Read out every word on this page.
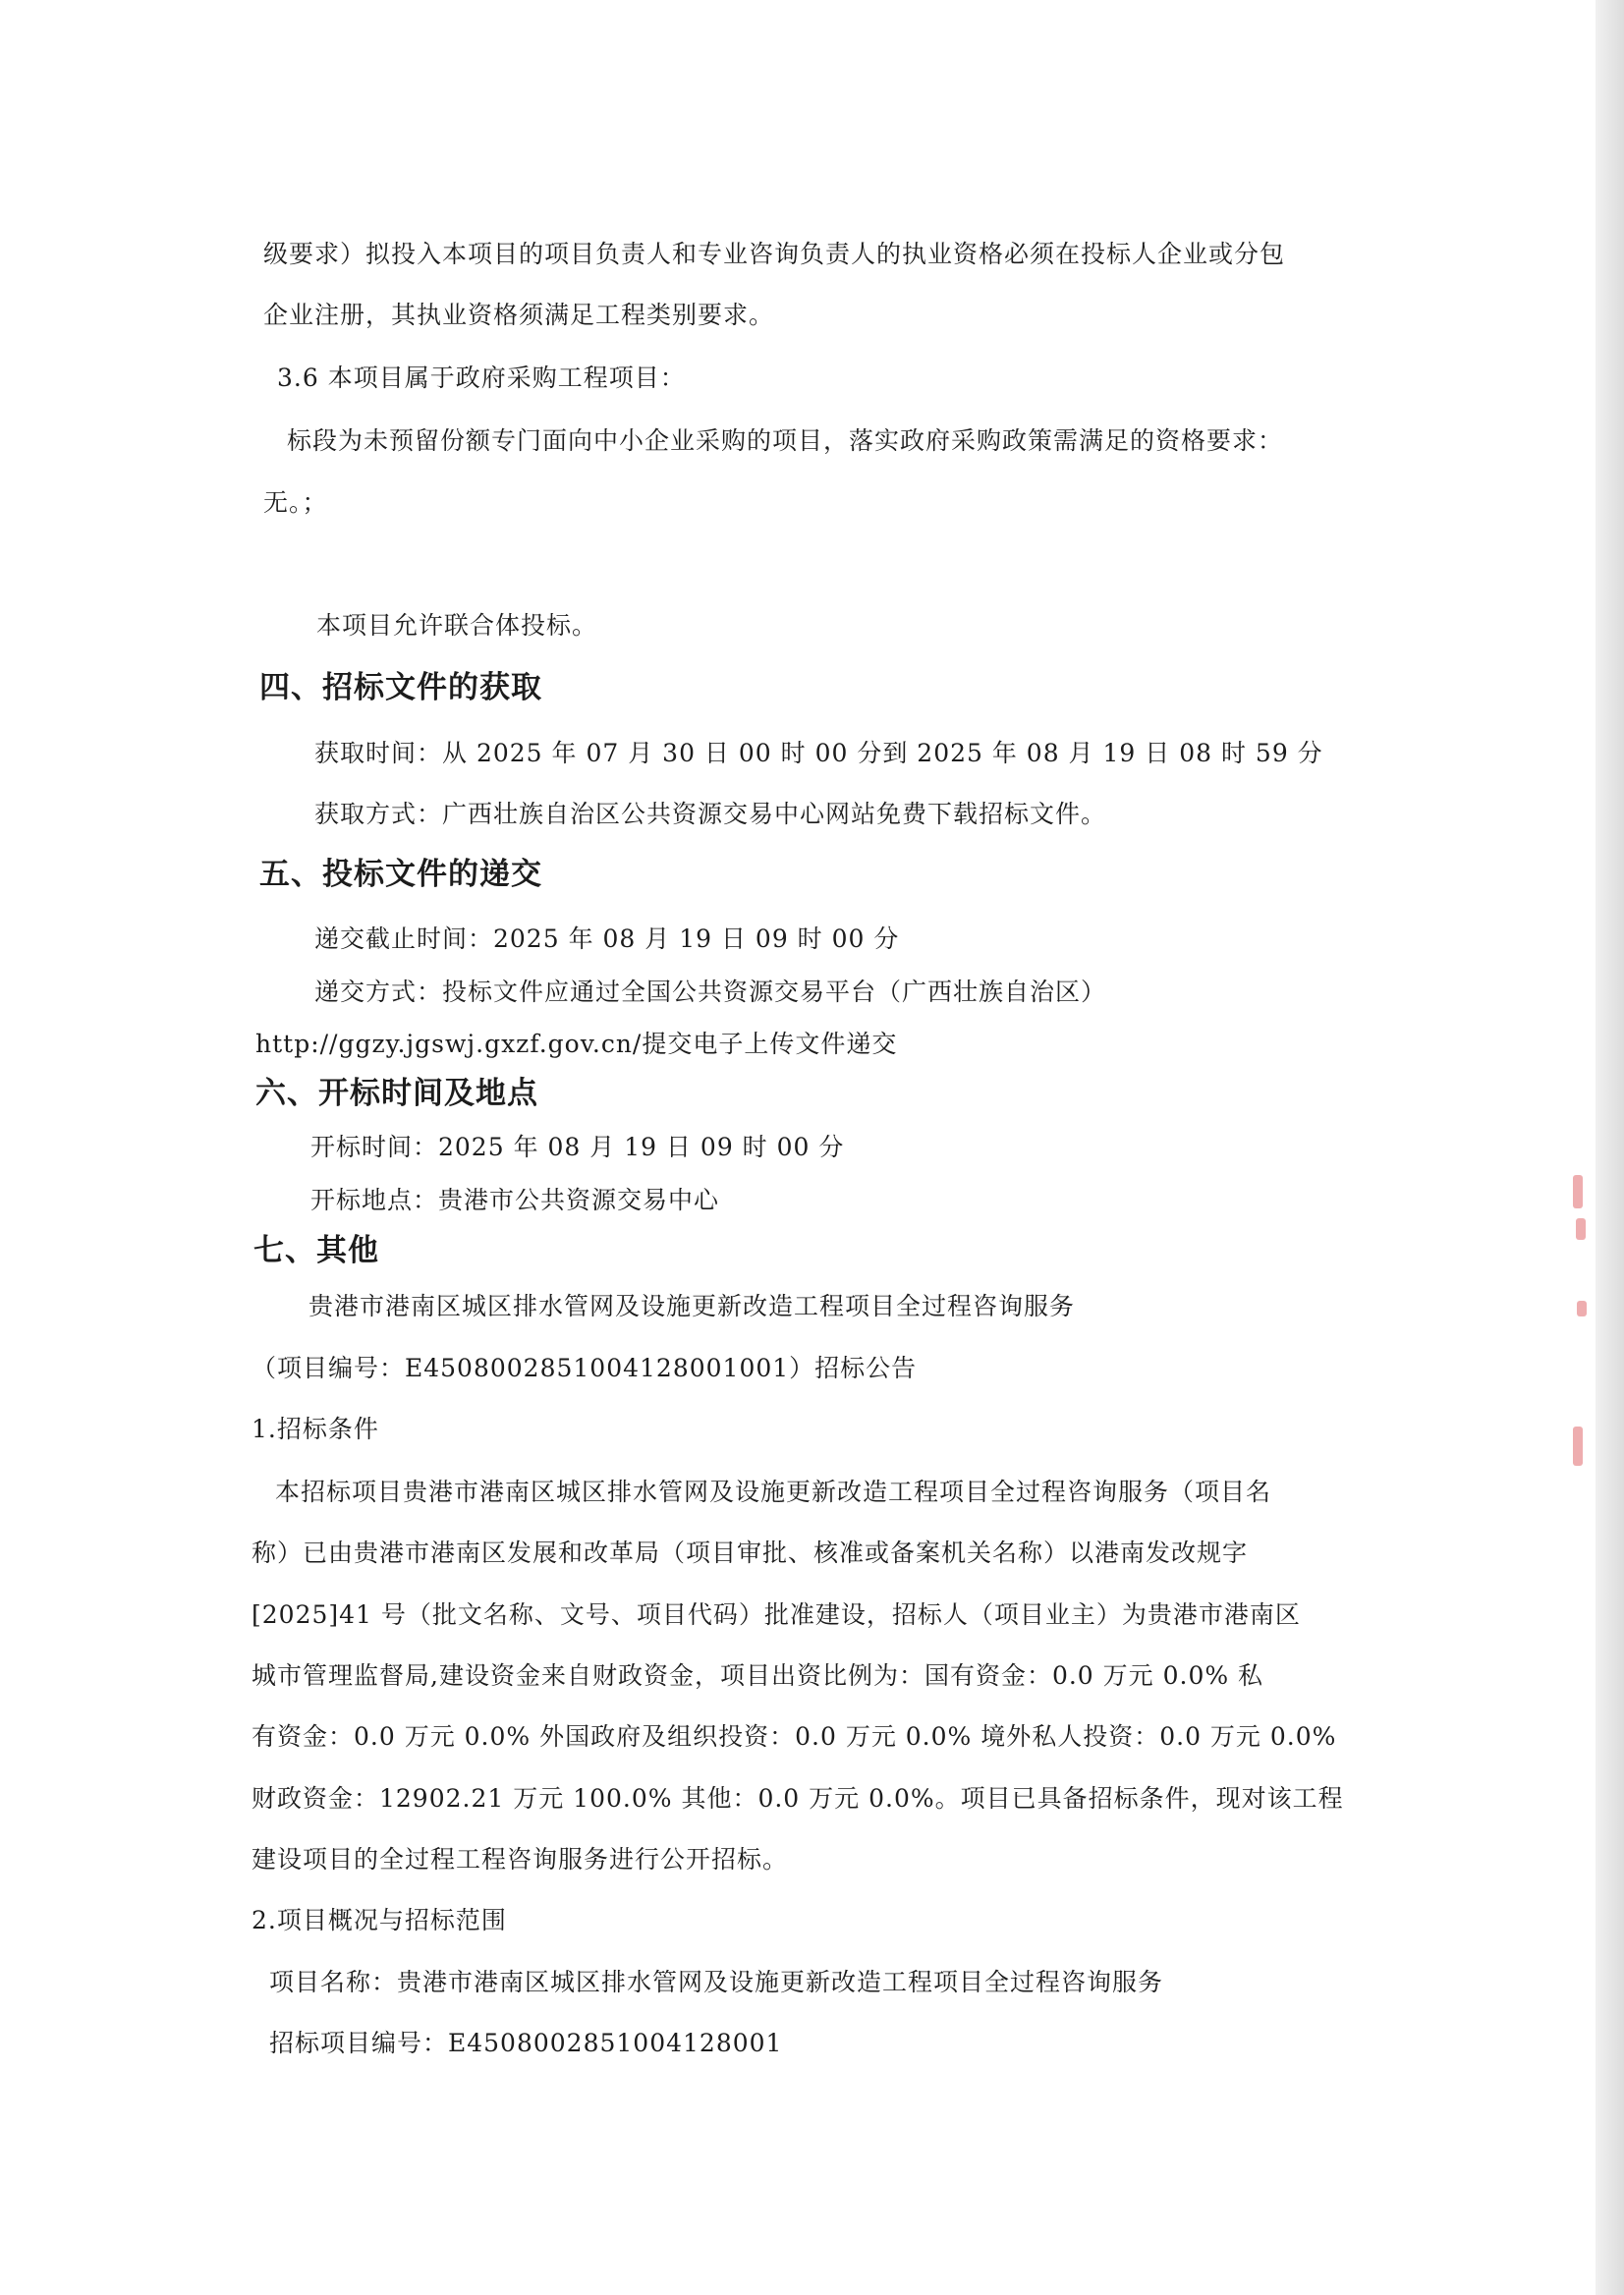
级要求）拟投入本项目的项目负责人和专业咨询负责人的执业资格必须在投标人企业或分包
企业注册，其执业资格须满足工程类别要求。
3.6 本项目属于政府采购工程项目：
标段为未预留份额专门面向中小企业采购的项目，落实政府采购政策需满足的资格要求：
无。；
本项目允许联合体投标。
四、招标文件的获取
获取时间：从 2025 年 07 月 30 日 00 时 00 分到 2025 年 08 月 19 日 08 时 59 分
获取方式：广西壮族自治区公共资源交易中心网站免费下载招标文件。
五、投标文件的递交
递交截止时间：2025 年 08 月 19 日 09 时 00 分
递交方式：投标文件应通过全国公共资源交易平台（广西壮族自治区）
http://ggzy.jgswj.gxzf.gov.cn/提交电子上传文件递交
六、开标时间及地点
开标时间：2025 年 08 月 19 日 09 时 00 分
开标地点：贵港市公共资源交易中心
七、其他
贵港市港南区城区排水管网及设施更新改造工程项目全过程咨询服务
（项目编号：E4508002851004128001001）招标公告
1.招标条件
本招标项目贵港市港南区城区排水管网及设施更新改造工程项目全过程咨询服务（项目名
称）已由贵港市港南区发展和改革局（项目审批、核准或备案机关名称）以港南发改规字
[2025]41 号（批文名称、文号、项目代码）批准建设，招标人（项目业主）为贵港市港南区
城市管理监督局,建设资金来自财政资金，项目出资比例为：国有资金：0.0 万元 0.0% 私
有资金：0.0 万元 0.0% 外国政府及组织投资：0.0 万元 0.0% 境外私人投资：0.0 万元 0.0%
财政资金：12902.21 万元 100.0% 其他：0.0 万元 0.0%。项目已具备招标条件，现对该工程
建设项目的全过程工程咨询服务进行公开招标。
2.项目概况与招标范围
项目名称：贵港市港南区城区排水管网及设施更新改造工程项目全过程咨询服务
招标项目编号：E4508002851004128001
